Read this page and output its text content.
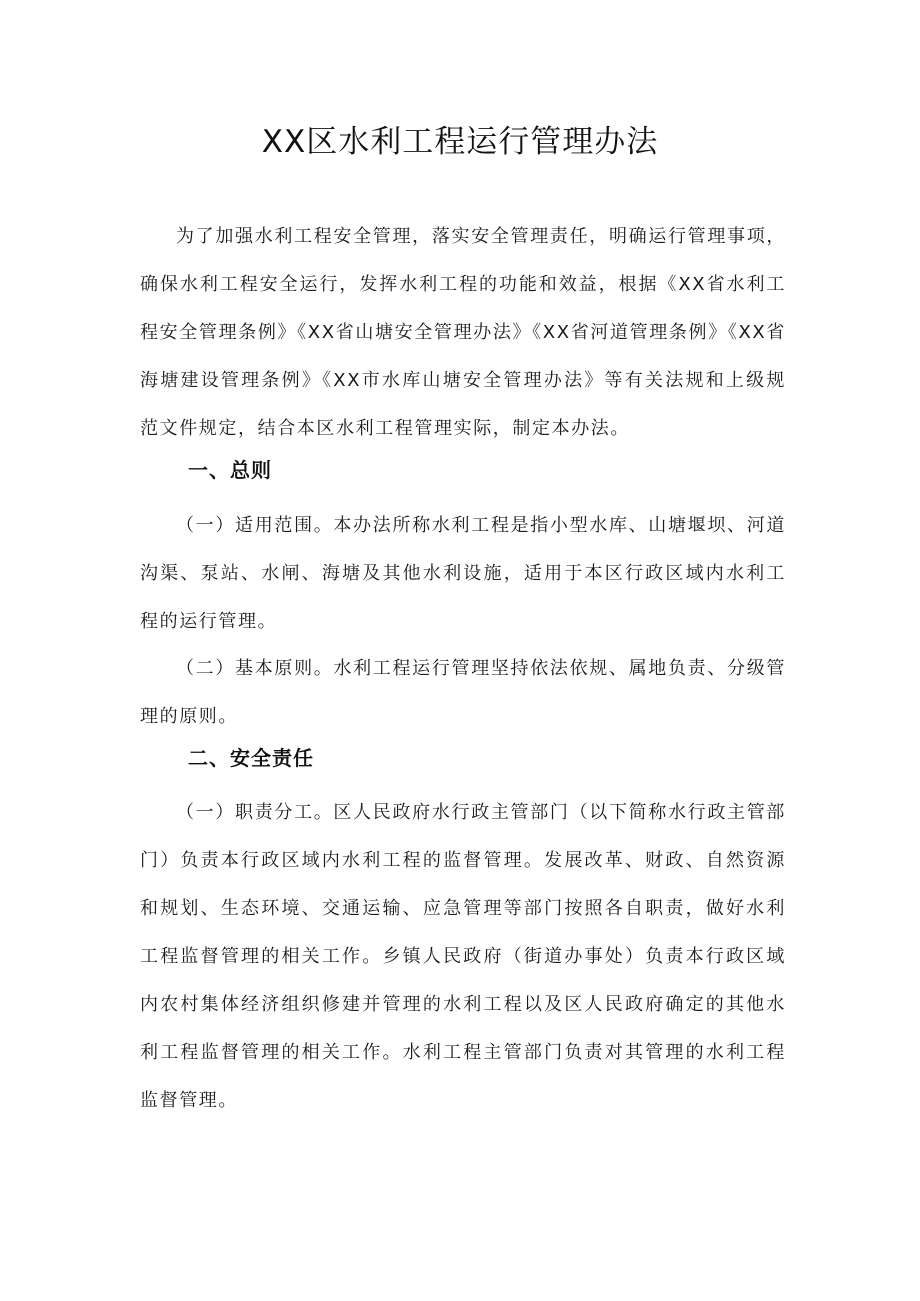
XX区水利工程运行管理办法

为了加强水利工程安全管理，落实安全管理责任，明确运行管理事项，确保水利工程安全运行，发挥水利工程的功能和效益，根据《XX省水利工程安全管理条例》《XX省山塘安全管理办法》《XX省河道管理条例》《XX省海塘建设管理条例》《XX市水库山塘安全管理办法》等有关法规和上级规范文件规定，结合本区水利工程管理实际，制定本办法。

一、总则

（一）适用范围。本办法所称水利工程是指小型水库、山塘堰坝、河道沟渠、泵站、水闸、海塘及其他水利设施，适用于本区行政区域内水利工程的运行管理。

（二）基本原则。水利工程运行管理坚持依法依规、属地负责、分级管理的原则。

二、安全责任

（一）职责分工。区人民政府水行政主管部门（以下简称水行政主管部门）负责本行政区域内水利工程的监督管理。发展改革、财政、自然资源和规划、生态环境、交通运输、应急管理等部门按照各自职责，做好水利工程监督管理的相关工作。乡镇人民政府（街道办事处）负责本行政区域内农村集体经济组织修建并管理的水利工程以及区人民政府确定的其他水利工程监督管理的相关工作。水利工程主管部门负责对其管理的水利工程监督管理。
